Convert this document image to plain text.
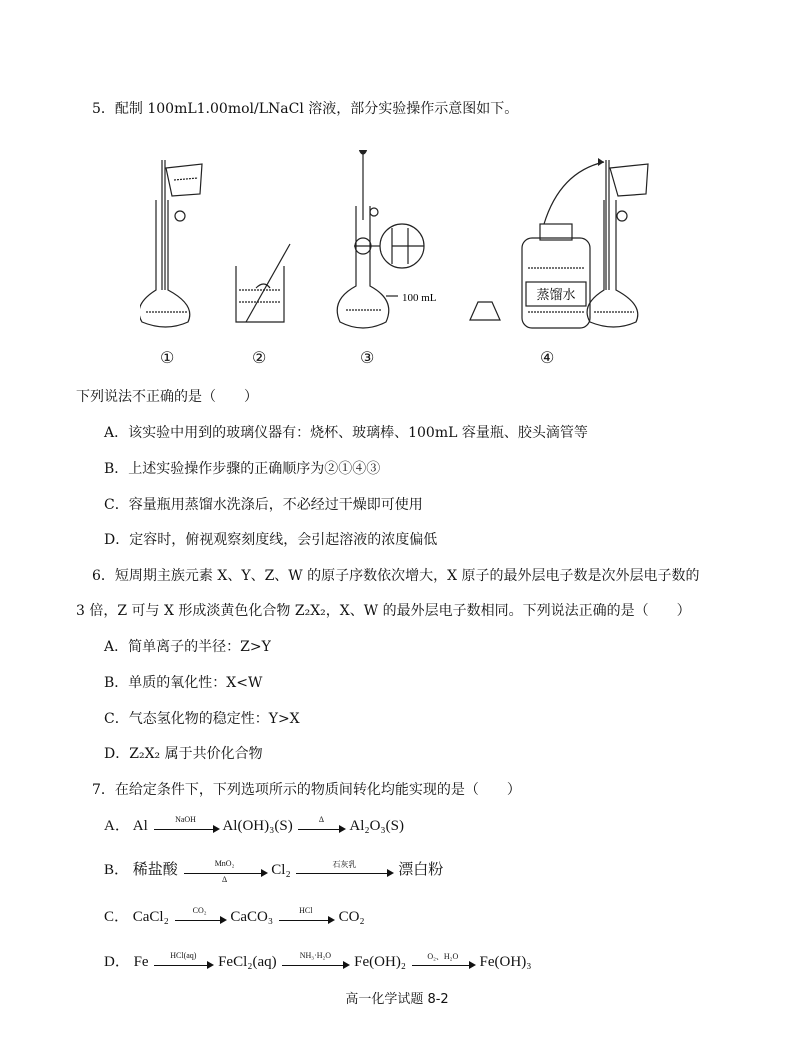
5．配制 100mL1.00mol/LNaCl 溶液，部分实验操作示意图如下。
100 mL	蒸馏水
①	②	③	④
下列说法不正确的是（　　）
A．该实验中用到的玻璃仪器有：烧杯、玻璃棒、100mL 容量瓶、胶头滴管等
B．上述实验操作步骤的正确顺序为②①④③
C．容量瓶用蒸馏水洗涤后，不必经过干燥即可使用
D．定容时，俯视观察刻度线，会引起溶液的浓度偏低
6．短周期主族元素 X、Y、Z、W 的原子序数依次增大，X 原子的最外层电子数是次外层电子数的
3 倍，Z 可与 X 形成淡黄色化合物 Z₂X₂，X、W 的最外层电子数相同。下列说法正确的是（　　）
A．简单离子的半径：Z>Y
B．单质的氧化性：X<W
C．气态氢化物的稳定性：Y>X
D．Z₂X₂ 属于共价化合物
7．在给定条件下，下列选项所示的物质间转化均能实现的是（　　）
A． Al	NaOH	Al(OH)₃(S)	Δ	Al₂O₃(S)
B． 稀盐酸	MnO₂
Δ
Cl₂	石灰乳	漂白粉
C． CaCl₂	CO₂	CaCO₃	HCl	CO₂
D． Fe	HCl(aq)	FeCl₂(aq)	NH₃·H₂O	Fe(OH)₂	O₂、H₂O	Fe(OH)₃
高一化学试题 8-2
